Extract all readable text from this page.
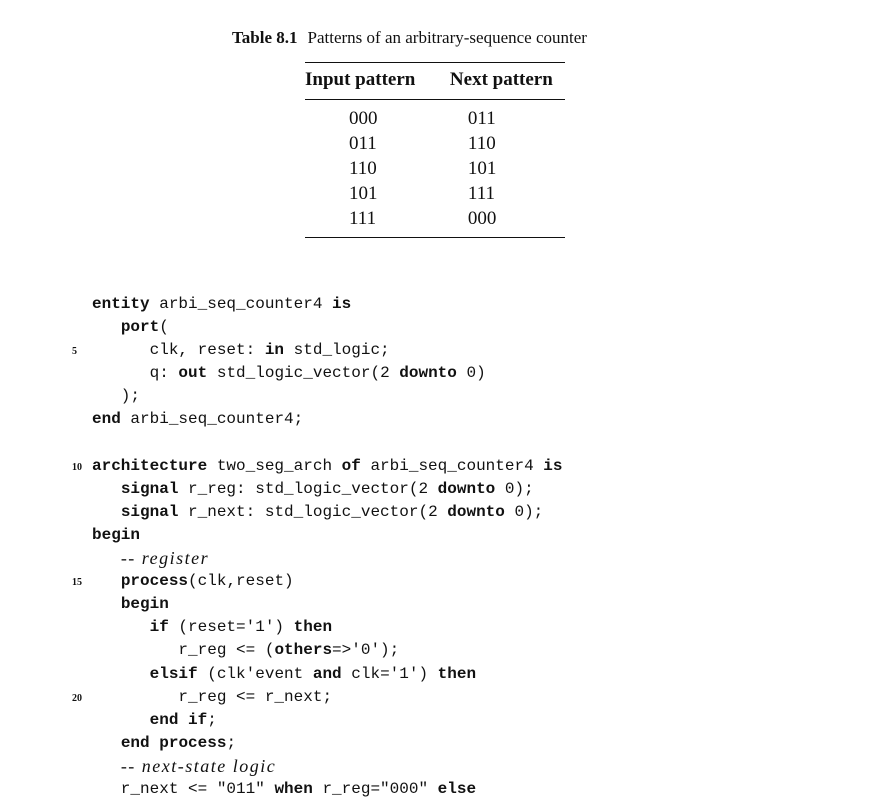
Table 8.1 Patterns of an arbitrary-sequence counter
Input pattern	Next pattern
000	011
011	110
110	101
101	111
111	000
entity arbi_seq_counter4 is
port(
5 clk, reset: in std_logic;
q: out std_logic_vector(2 downto 0)
);
end arbi_seq_counter4;
10 architecture two_seg_arch of arbi_seq_counter4 is
signal r_reg: std_logic_vector(2 downto 0);
signal r_next: std_logic_vector(2 downto 0);
begin
-- register
15	process(clk,reset)
begin
if (reset='1') then
r_reg <= (others=>'0');
elsif (clk'event and clk='1') then
20 r_reg <= r_next;
end if;
end process;
-- next-state logic
r_next <= "011" when r_reg="000" else
